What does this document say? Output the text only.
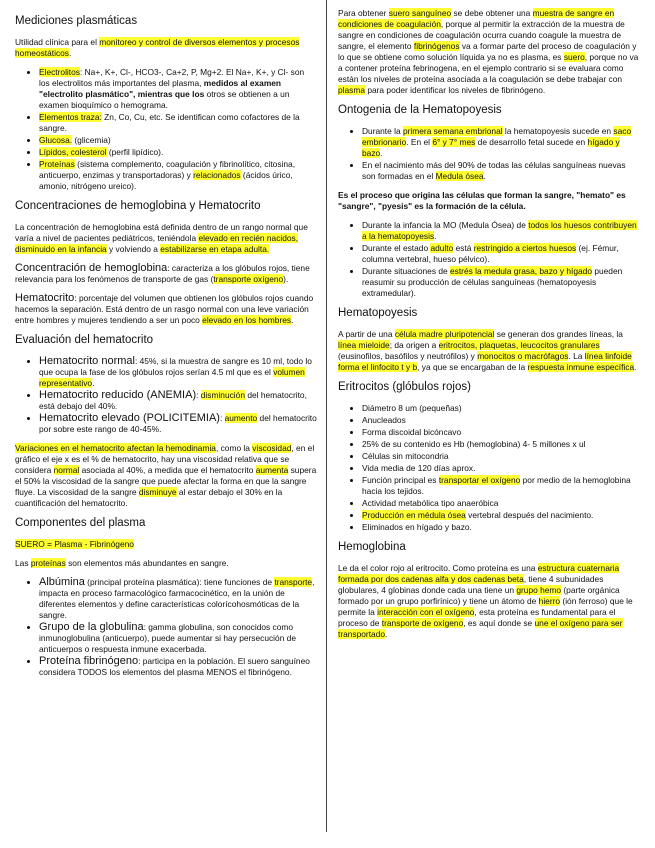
Mediciones plasmáticas

Utilidad clínica para el monitoreo y control de diversos elementos y procesos homeostáticos.

• Electrolitos: Na+, K+, Cl-, HCO3-, Ca+2, P, Mg+2. El Na+, K+, y Cl- son los electrolitos más importantes del plasma, medidos al examen "electrolito plasmático", mientras que los otros se obtienen a un examen bioquímico o hemograma.
• Elementos traza: Zn, Co, Cu, etc. Se identifican como cofactores de la sangre.
• Glucosa. (glicemia)
• Lípidos, colesterol (perfil lipídico).
• Proteínas (sistema complemento, coagulación y fibrinolítico, citosina, anticuerpo, enzimas y transportadoras) y relacionados (ácidos úrico, amonio, nitrógeno ureico).
Concentraciones de hemoglobina y Hematocrito

La concentración de hemoglobina está definida dentro de un rango normal que varía a nivel de pacientes pediátricos, teniéndola elevado en recién nacidos, disminuido en la infancia y volviendo a estabilizarse en etapa adulta.

Concentración de hemoglobina: caracteriza a los glóbulos rojos, tiene relevancia para los fenómenos de transporte de gas (transporte oxígeno).

Hematocrito: porcentaje del volumen que obtienen los glóbulos rojos cuando hacemos la separación. Está dentro de un rasgo normal con una leve variación entre hombres y mujeres tendiendo a ser un poco elevado en los hombres.

Evaluación del hematocrito
• Hematocrito normal: 45%, si la muestra de sangre es 10 ml, todo lo que ocupa la fase de los glóbulos rojos serían 4.5 ml que es el volumen representativo.
• Hematocrito reducido (ANEMIA): disminución del hematocrito, está debajo del 40%.
• Hematocrito elevado (POLICITEMIA): aumento del hematocrito por sobre este rango de 40-45%.

Variaciones en el hematocrito afectan la hemodinamia, como la viscosidad, en el gráfico el eje x es el % de hematocrito, hay una viscosidad relativa que se considera normal asociada al 40%, a medida que el hematocrito aumenta supera el 50% la viscosidad de la sangre que puede afectar la forma en que la sangre fluye. La viscosidad de la sangre disminuye al estar debajo el 30% en la cuantificación del hematocrito.

Componentes del plasma

SUERO = Plasma - Fibrinógeno

Las proteínas son elementos más abundantes en sangre.

• Albúmina (principal proteína plasmática): tiene funciones de transporte, impacta en proceso farmacológico farmacocinético, en la unión de diferentes elementos y define características colorícohosmóticas de la sangre.
• Grupo de la globulina: gamma globulina, son conocidos como inmunoglobulina (anticuerpo), puede aumentar si hay persecución de anticuerpos o respuesta inmune exacerbada.
• Proteína fibrinógeno: participa en la población. El suero sanguíneo considera TODOS los elementos del plasma MENOS el fibrinógeno.

Para obtener suero sanguíneo se debe obtener una muestra de sangre en condiciones de coagulación, porque al permitir la extracción de la muestra de sangre en condiciones de coagulación ocurra cuando coagule la muestra de sangre, el elemento fibrinógenos va a formar parte del proceso de coagulación y lo que se obtiene como solución líquida ya no es plasma, es suero, porque no va a contener proteína febrinogena, en el ejemplo contrario si se evaluara como están los niveles de proteína asociada a la coagulación se debe trabajar con plasma para poder identificar los niveles de fibrinógeno.

Ontogenia de la Hematopoyesis
• Durante la primera semana embrional la hematopoyesis sucede en saco embrionario. En el 6° y 7° mes de desarrollo fetal sucede en hígado y bazo.
• En el nacimiento más del 90% de todas las células sanguíneas nuevas son formadas en el Medula ósea.

Es el proceso que origina las células que forman la sangre, "hemato" es "sangre", "pyesis" es la formación de la célula.

• Durante la infancia la MO (Medula Ósea) de todos los huesos contribuyen a la hematopoyesis.
• Durante el estado adulto está restringido a ciertos huesos (ej. Fémur, columna vertebral, hueso pélvico).
• Durante situaciones de estrés la medula grasa, bazo y hígado pueden reasumir su producción de células sanguíneas (hematopoyesis extramedular).
Hematopoyesis

A partir de una célula madre pluripotencial se generan dos grandes líneas, la línea mieloide; da origen a eritrocitos, plaquetas, leucocitos granulares (eusinofilos, basófilos y neutrófilos) y monocitos o macrófagos. La línea linfoide forma el linfocito t y b, ya que se encargaban de la respuesta inmune específica.

Eritrocitos (glóbulos rojos)
• Diámetro 8 um (pequeñas)
• Anucleados
• Forma discoidal bicóncavo
• 25% de su contenido es Hb (hemoglobina) 4- 5 millones x ul
• Células sin mitocondria
• Vida media de 120 días aprox.
• Función principal es transportar el oxígeno por medio de la hemoglobina hacia los tejidos.
• Actividad metabólica tipo anaeróbica
• Producción en médula ósea vertebral después del nacimiento.
• Eliminados en hígado y bazo.
Hemoglobina

Le da el color rojo al eritrocito. Como proteína es una estructura cuaternaria formada por dos cadenas alfa y dos cadenas beta, tiene 4 subunidades globulares, 4 globinas donde cada una tiene un grupo hemo (parte orgánica formado por un grupo porfirínico) y tiene un átomo de hierro (ión ferroso) que le permite la interacción con el oxígeno, esta proteína es fundamental para el proceso de transporte de oxígeno, es aquí donde se une el oxígeno para ser transportado.
